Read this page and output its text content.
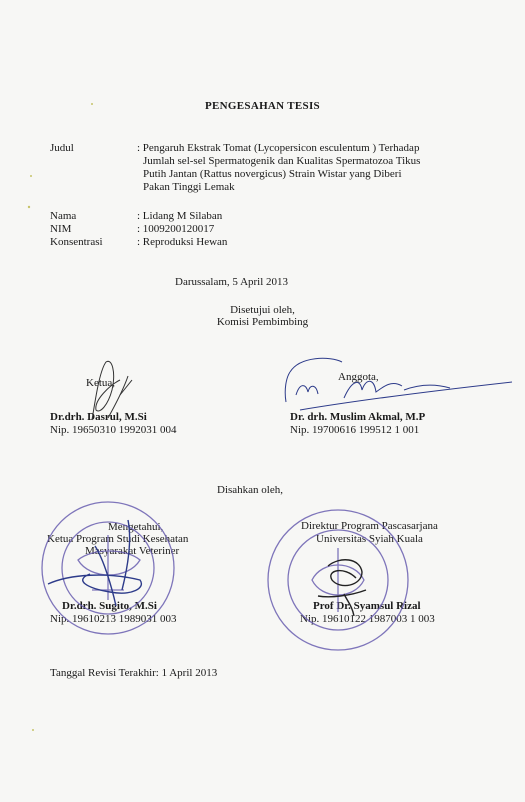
PENGESAHAN TESIS
Judul	: Pengaruh Ekstrak Tomat (Lycopersicon esculentum ) Terhadap
Jumlah sel-sel Spermatogenik dan Kualitas Spermatozoa Tikus
Putih Jantan (Rattus novergicus) Strain Wistar yang Diberi
Pakan Tinggi Lemak
Nama	: Lidang M Silaban
NIM	: 1009200120017
Konsentrasi	: Reproduksi Hewan
Darussalam, 5 April 2013
Disetujui oleh,
Komisi Pembimbing
Ketua,
Dr.drh. Dasrul, M.Si
Nip. 19650310 1992031 004
Anggota,
Dr. drh. Muslim Akmal, M.P
Nip. 19700616 199512 1 001
Disahkan oleh,
Mengetahui,
Ketua Program Studi Kesehatan
Masyarakat Veteriner
Dr.drh. Sugito, M.Si
Nip. 19610213 1989031 003
Direktur Program Pascasarjana
Universitas Syiah Kuala
Prof Dr. Syamsul Rizal
Nip. 19610122 1987003 1 003
Tanggal Revisi Terakhir: 1 April 2013
